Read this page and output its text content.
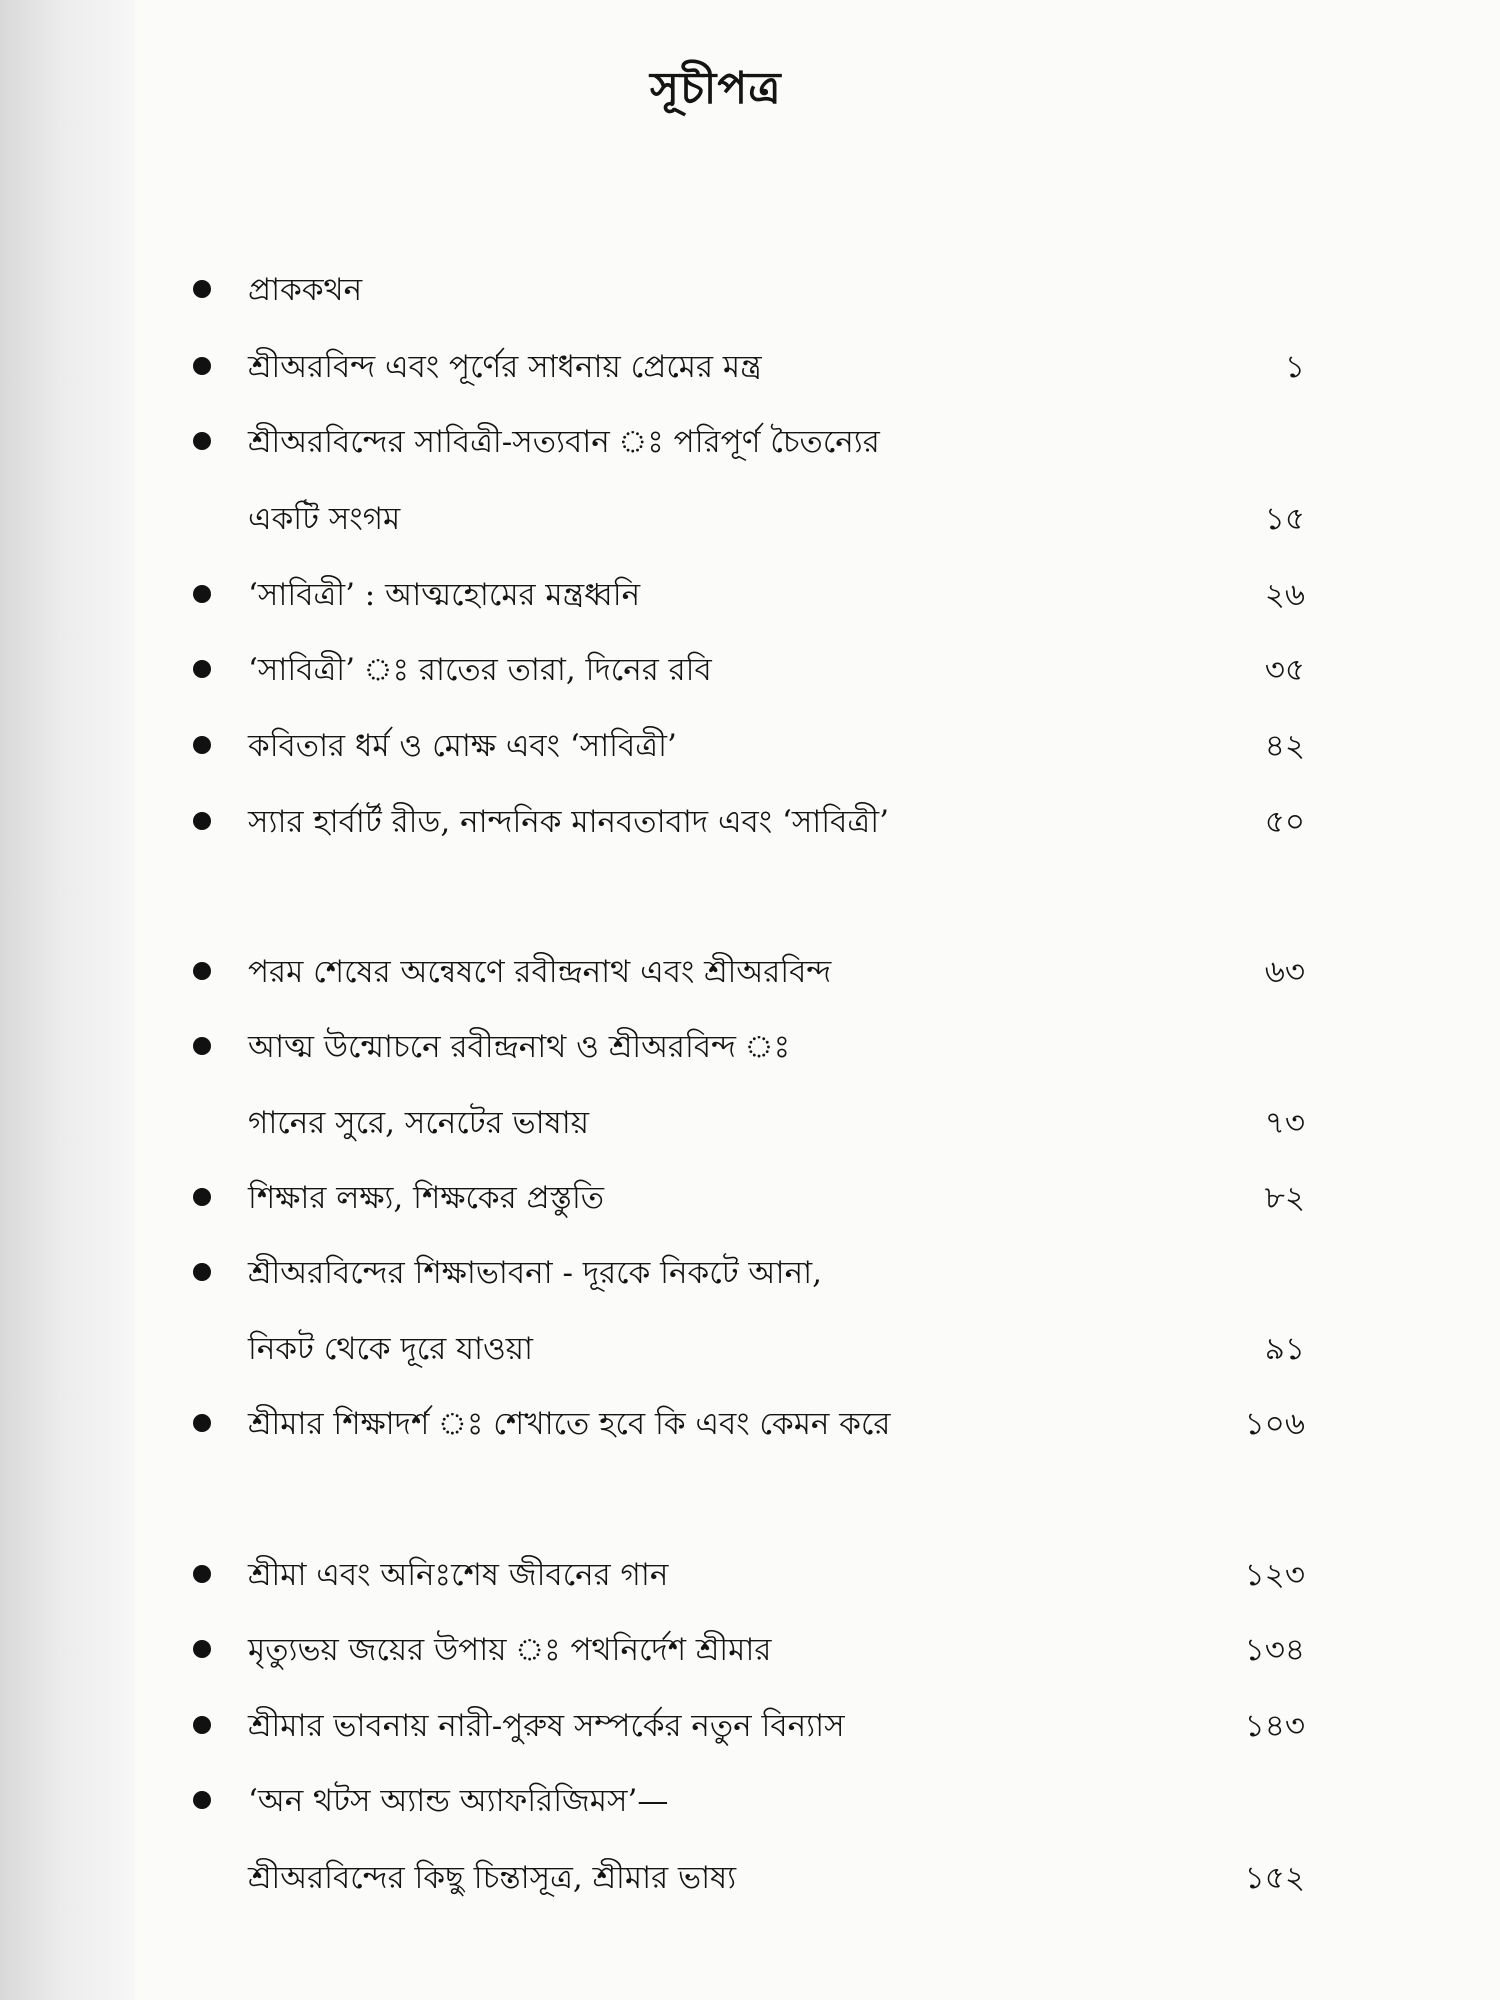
সূচীপত্র
প্রাককথন
শ্রীঅরবিন্দ এবং পূর্ণের সাধনায় প্রেমের মন্ত্র	১
শ্রীঅরবিন্দের সাবিত্রী-সত্যবান ঃ পরিপূর্ণ চৈতন্যের
একটি সংগম	১৫
‘সাবিত্রী’ : আত্মহোমের মন্ত্রধ্বনি	২৬
‘সাবিত্রী’ ঃ রাতের তারা, দিনের রবি	৩৫
কবিতার ধর্ম ও মোক্ষ এবং ‘সাবিত্রী’	৪২
স্যার হার্বার্ট রীড, নান্দনিক মানবতাবাদ এবং ‘সাবিত্রী’	৫০
পরম শেষের অন্বেষণে রবীন্দ্রনাথ এবং শ্রীঅরবিন্দ	৬৩
আত্ম উন্মোচনে রবীন্দ্রনাথ ও শ্রীঅরবিন্দ ঃ
গানের সুরে, সনেটের ভাষায়	৭৩
শিক্ষার লক্ষ্য, শিক্ষকের প্রস্তুতি	৮২
শ্রীঅরবিন্দের শিক্ষাভাবনা - দূরকে নিকটে আনা,
নিকট থেকে দূরে যাওয়া	৯১
শ্রীমার শিক্ষাদর্শ ঃ শেখাতে হবে কি এবং কেমন করে	১০৬
শ্রীমা এবং অনিঃশেষ জীবনের গান	১২৩
মৃত্যুভয় জয়ের উপায় ঃ পথনির্দেশ শ্রীমার	১৩৪
শ্রীমার ভাবনায় নারী-পুরুষ সম্পর্কের নতুন বিন্যাস	১৪৩
‘অন থটস অ্যান্ড অ্যাফরিজিমস’—
শ্রীঅরবিন্দের কিছু চিন্তাসূত্র, শ্রীমার ভাষ্য	১৫২
